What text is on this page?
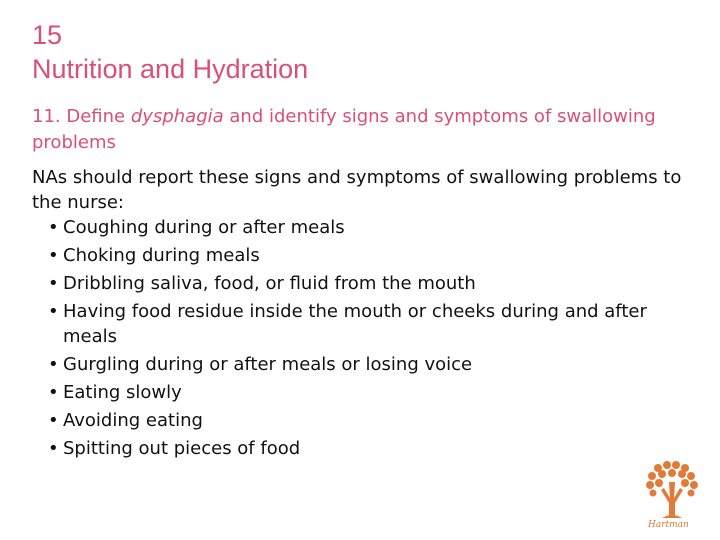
15
Nutrition and Hydration
11. Define dysphagia and identify signs and symptoms of swallowing problems

NAs should report these signs and symptoms of swallowing problems to the nurse:

• Coughing during or after meals
• Choking during meals
• Dribbling saliva, food, or fluid from the mouth
• Having food residue inside the mouth or cheeks during and after meals
• Gurgling during or after meals or losing voice
• Eating slowly
• Avoiding eating
• Spitting out pieces of food
Hartman
